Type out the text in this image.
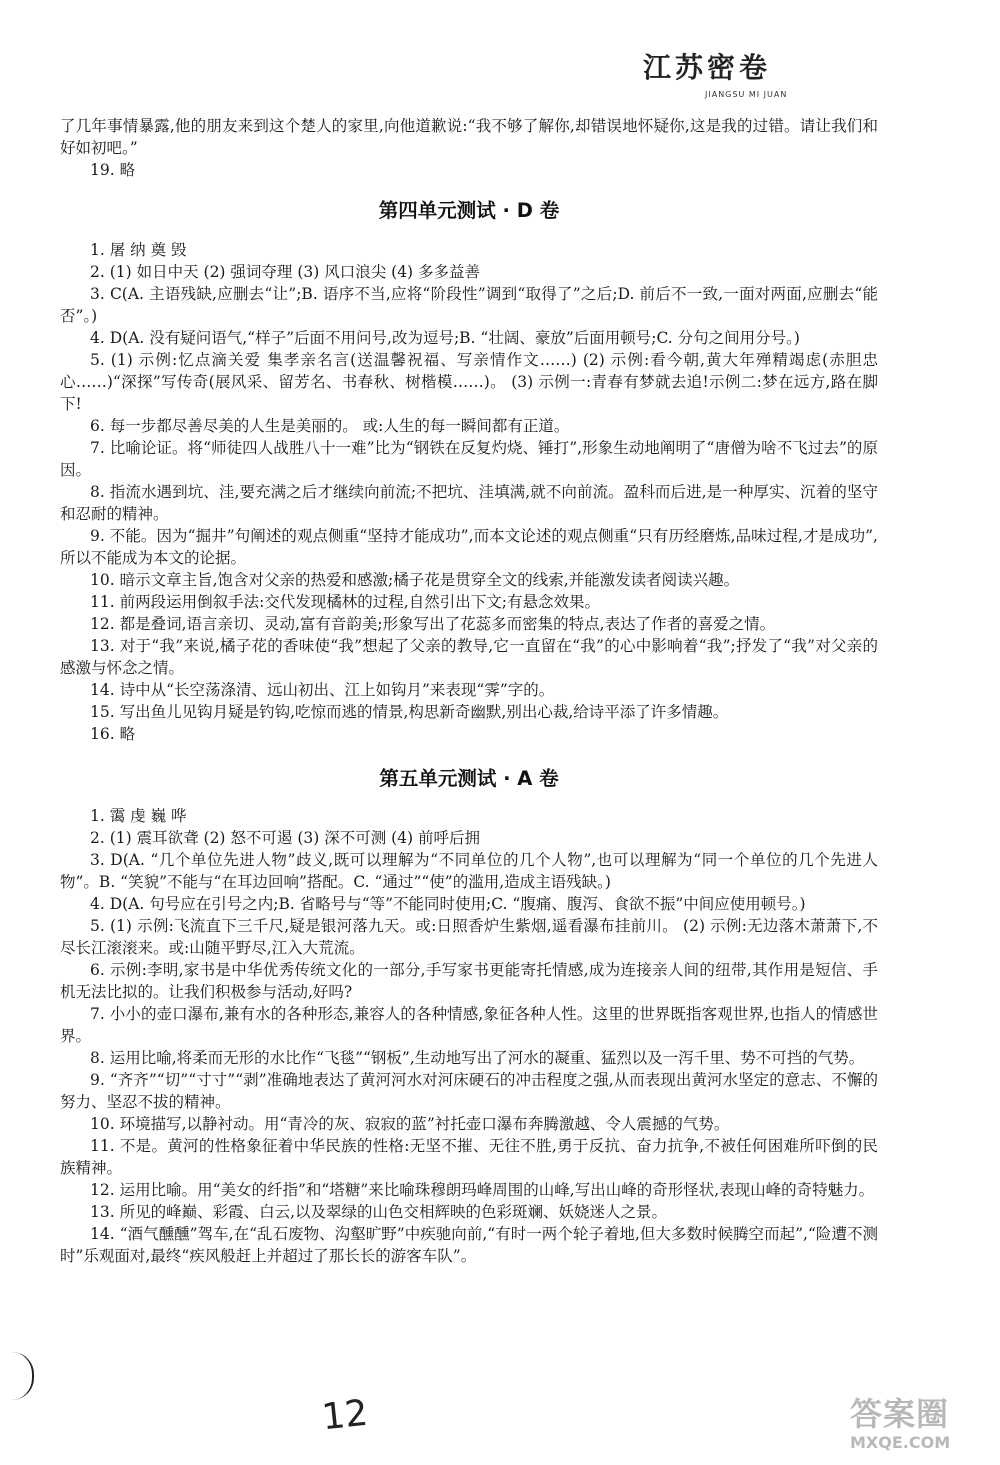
江苏密卷
JIANGSU MI JUAN

了几年事情暴露,他的朋友来到这个楚人的家里,向他道歉说:“我不够了解你,却错误地怀疑你,这是我的过错。请让我们和好如初吧。”

19. 略

第四单元测试 · D 卷

1. 屠 纳 奠 毁

2. (1) 如日中天 (2) 强词夺理 (3) 风口浪尖 (4) 多多益善

3. C(A. 主语残缺,应删去“让”;B. 语序不当,应将“阶段性”调到“取得了”之后;D. 前后不一致,一面对两面,应删去“能否”。)

4. D(A. 没有疑问语气,“样子”后面不用问号,改为逗号;B. “壮阔、豪放”后面用顿号;C. 分句之间用分号。)

5. (1) 示例:忆点滴关爱 集孝亲名言(送温馨祝福、写亲情作文……) (2) 示例:看今朝,黄大年殚精竭虑(赤胆忠心……)“深探”写传奇(展风采、留芳名、书春秋、树楷模……)。 (3) 示例一:青春有梦就去追!示例二:梦在远方,路在脚下!

6. 每一步都尽善尽美的人生是美丽的。 或:人生的每一瞬间都有正道。

7. 比喻论证。将“师徒四人战胜八十一难”比为“钢铁在反复灼烧、锤打”,形象生动地阐明了“唐僧为啥不飞过去”的原因。

8. 指流水遇到坑、洼,要充满之后才继续向前流;不把坑、洼填满,就不向前流。盈科而后进,是一种厚实、沉着的坚守和忍耐的精神。

9. 不能。因为“掘井”句阐述的观点侧重“坚持才能成功”,而本文论述的观点侧重“只有历经磨炼,品味过程,才是成功”,所以不能成为本文的论据。

10. 暗示文章主旨,饱含对父亲的热爱和感激;橘子花是贯穿全文的线索,并能激发读者阅读兴趣。

11. 前两段运用倒叙手法:交代发现橘林的过程,自然引出下文;有悬念效果。

12. 都是叠词,语言亲切、灵动,富有音韵美;形象写出了花蕊多而密集的特点,表达了作者的喜爱之情。

13. 对于“我”来说,橘子花的香味使“我”想起了父亲的教导,它一直留在“我”的心中影响着“我”;抒发了“我”对父亲的感激与怀念之情。

14. 诗中从“长空荡涤清、远山初出、江上如钩月”来表现“霁”字的。

15. 写出鱼儿见钩月疑是钓钩,吃惊而逃的情景,构思新奇幽默,别出心裁,给诗平添了许多情趣。

16. 略

第五单元测试 · A 卷

1. 霭 虔 巍 哗

2. (1) 震耳欲聋 (2) 怒不可遏 (3) 深不可测 (4) 前呼后拥

3. D(A. “几个单位先进人物”歧义,既可以理解为“不同单位的几个人物”,也可以理解为“同一个单位的几个先进人物”。B. “笑貌”不能与“在耳边回响”搭配。C. “通过”“使”的滥用,造成主语残缺。)

4. D(A. 句号应在引号之内;B. 省略号与“等”不能同时使用;C. “腹痛、腹泻、食欲不振”中间应使用顿号。)

5. (1) 示例:飞流直下三千尺,疑是银河落九天。或:日照香炉生紫烟,遥看瀑布挂前川。 (2) 示例:无边落木萧萧下,不尽长江滚滚来。或:山随平野尽,江入大荒流。

6. 示例:李明,家书是中华优秀传统文化的一部分,手写家书更能寄托情感,成为连接亲人间的纽带,其作用是短信、手机无法比拟的。让我们积极参与活动,好吗?

7. 小小的壶口瀑布,兼有水的各种形态,兼容人的各种情感,象征各种人性。这里的世界既指客观世界,也指人的情感世界。

8. 运用比喻,将柔而无形的水比作“飞毯”“钢板”,生动地写出了河水的凝重、猛烈以及一泻千里、势不可挡的气势。

9. “齐齐”“切”“寸寸”“剥”准确地表达了黄河河水对河床硬石的冲击程度之强,从而表现出黄河水坚定的意志、不懈的努力、坚忍不拔的精神。

10. 环境描写,以静衬动。用“青冷的灰、寂寂的蓝”衬托壶口瀑布奔腾激越、令人震撼的气势。

11. 不是。黄河的性格象征着中华民族的性格:无坚不摧、无往不胜,勇于反抗、奋力抗争,不被任何困难所吓倒的民族精神。

12. 运用比喻。用“美女的纤指”和“塔糖”来比喻珠穆朗玛峰周围的山峰,写出山峰的奇形怪状,表现山峰的奇特魅力。

13. 所见的峰巅、彩霞、白云,以及翠绿的山色交相辉映的色彩斑斓、妖娆迷人之景。

14. “酒气醺醺”驾车,在“乱石废物、沟壑旷野”中疾驰向前,“有时一两个轮子着地,但大多数时候腾空而起”,“险遭不测时”乐观面对,最终“疾风般赶上并超过了那长长的游客车队”。

12	答案圈
MXQE.COM
